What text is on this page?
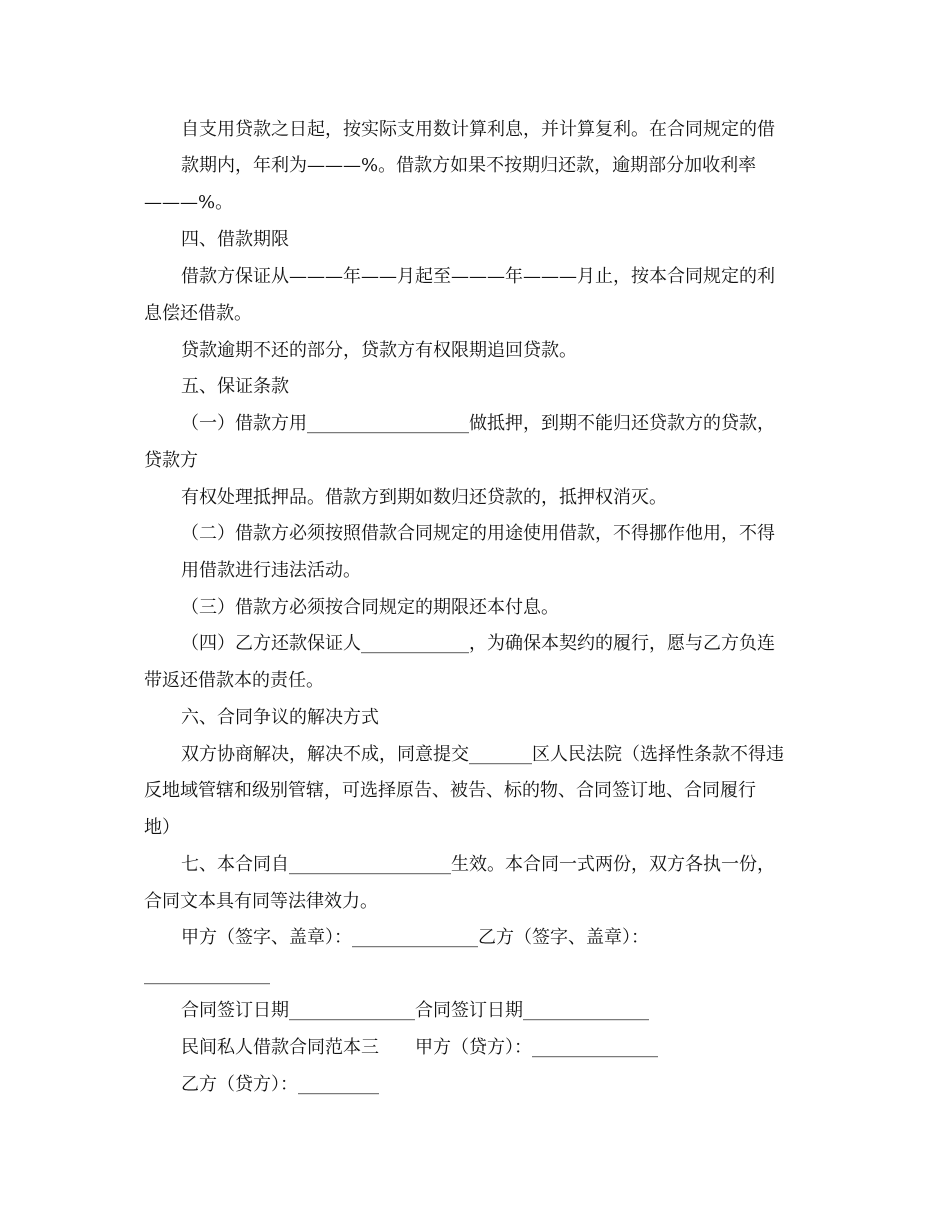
自支用贷款之日起，按实际支用数计算利息，并计算复利。在合同规定的借
款期内，年利为———%。借款方如果不按期归还款，逾期部分加收利率
———%。
四、借款期限
借款方保证从———年——月起至———年———月止，按本合同规定的利
息偿还借款。
贷款逾期不还的部分，贷款方有权限期追回贷款。
五、保证条款
（一）借款方用__________________做抵押，到期不能归还贷款方的贷款，
贷款方
有权处理抵押品。借款方到期如数归还贷款的，抵押权消灭。
（二）借款方必须按照借款合同规定的用途使用借款，不得挪作他用，不得
用借款进行违法活动。
（三）借款方必须按合同规定的期限还本付息。
（四）乙方还款保证人____________，为确保本契约的履行，愿与乙方负连
带返还借款本的责任。
六、合同争议的解决方式
双方协商解决，解决不成，同意提交_______区人民法院（选择性条款不得违
反地域管辖和级别管辖，可选择原告、被告、标的物、合同签订地、合同履行
地）
七、本合同自__________________生效。本合同一式两份，双方各执一份，
合同文本具有同等法律效力。
甲方（签字、盖章）：______________乙方（签字、盖章）：
______________
合同签订日期______________合同签订日期______________
民间私人借款合同范本三　　甲方（贷方）：______________
乙方（贷方）：_________
